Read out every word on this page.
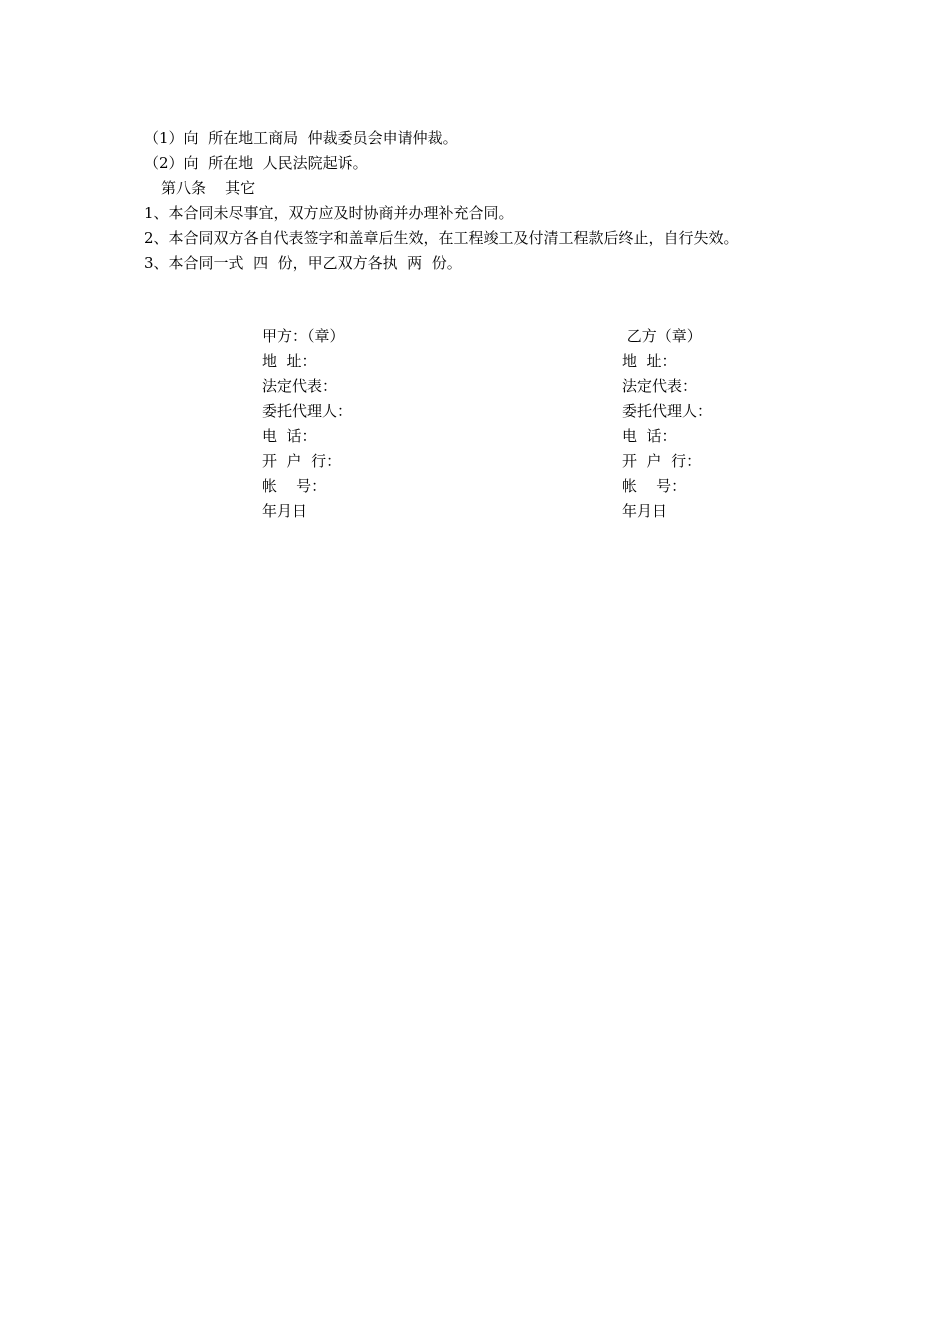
（1）向  所在地工商局  仲裁委员会申请仲裁。
（2）向  所在地  人民法院起诉。
第八条    其它
1、本合同未尽事宜，双方应及时协商并办理补充合同。
2、本合同双方各自代表签字和盖章后生效，在工程竣工及付清工程款后终止，自行失效。
3、本合同一式  四  份，甲乙双方各执  两  份。
甲方：（章）
地  址：
法定代表：
委托代理人：
电  话：
开  户  行：
帐    号：
年月日
乙方（章）
地  址：
法定代表：
委托代理人：
电  话：
开  户  行：
帐    号：
年月日
